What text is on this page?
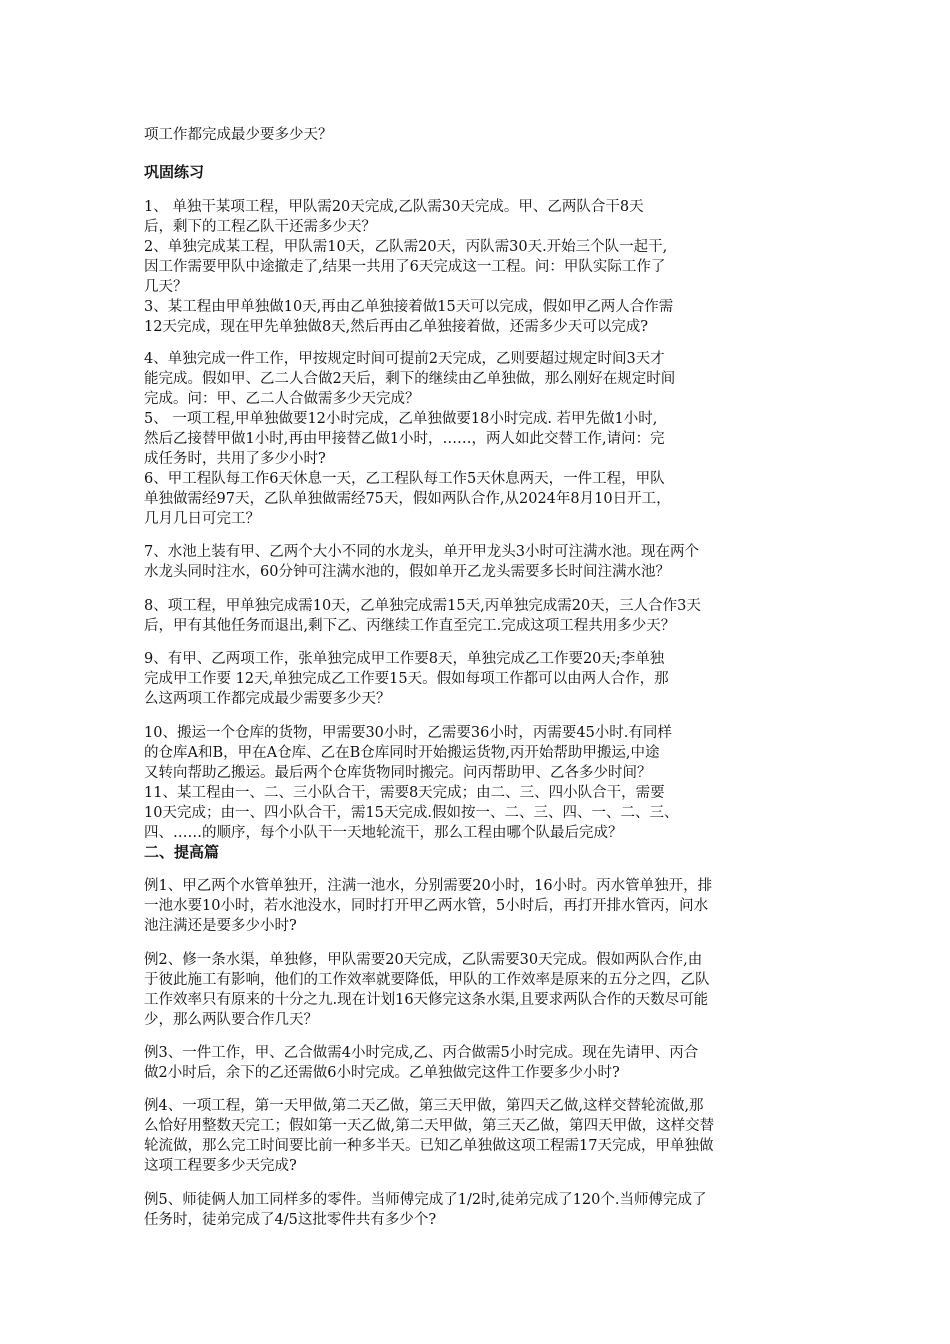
项工作都完成最少要多少天？
巩固练习
1、 单独干某项工程，甲队需20天完成,乙队需30天完成。甲、乙两队合干8天
后，剩下的工程乙队干还需多少天？
2、单独完成某工程，甲队需10天，乙队需20天，丙队需30天.开始三个队一起干,
因工作需要甲队中途撤走了,结果一共用了6天完成这一工程。问：甲队实际工作了
几天？
3、某工程由甲单独做10天,再由乙单独接着做15天可以完成，假如甲乙两人合作需
12天完成，现在甲先单独做8天,然后再由乙单独接着做，还需多少天可以完成?
4、单独完成一件工作，甲按规定时间可提前2天完成，乙则要超过规定时间3天才
能完成。假如甲、乙二人合做2天后，剩下的继续由乙单独做，那么刚好在规定时间
完成。问：甲、乙二人合做需多少天完成？
5、 一项工程,甲单独做要12小时完成，乙单独做要18小时完成. 若甲先做1小时,
然后乙接替甲做1小时,再由甲接替乙做1小时，……，两人如此交替工作,请问：完
成任务时，共用了多少小时?
6、甲工程队每工作6天休息一天，乙工程队每工作5天休息两天，一件工程，甲队
单独做需经97天，乙队单独做需经75天，假如两队合作,从2024年8月10日开工，
几月几日可完工？
7、水池上装有甲、乙两个大小不同的水龙头，单开甲龙头3小时可注满水池。现在两个
水龙头同时注水，60分钟可注满水池的，假如单开乙龙头需要多长时间注满水池？
8、项工程，甲单独完成需10天，乙单独完成需15天,丙单独完成需20天，三人合作3天
后，甲有其他任务而退出,剩下乙、丙继续工作直至完工.完成这项工程共用多少天？
9、有甲、乙两项工作，张单独完成甲工作要8天，单独完成乙工作要20天;李单独
完成甲工作要 12天,单独完成乙工作要15天。假如每项工作都可以由两人合作，那
么这两项工作都完成最少需要多少天？
10、搬运一个仓库的货物，甲需要30小时，乙需要36小时，丙需要45小时.有同样
的仓库A和B，甲在A仓库、乙在B仓库同时开始搬运货物,丙开始帮助甲搬运,中途
又转向帮助乙搬运。最后两个仓库货物同时搬完。问丙帮助甲、乙各多少时间？
11、某工程由一、二、三小队合干，需要8天完成；由二、三、四小队合干，需要
10天完成；由一、四小队合干，需15天完成.假如按一、二、三、四、一、二、三、
四、……的顺序，每个小队干一天地轮流干，那么工程由哪个队最后完成？
二、提高篇
例1、甲乙两个水管单独开，注满一池水，分别需要20小时，16小时。丙水管单独开，排
一池水要10小时，若水池没水，同时打开甲乙两水管，5小时后，再打开排水管丙，问水
池注满还是要多少小时?
例2、修一条水渠，单独修，甲队需要20天完成，乙队需要30天完成。假如两队合作,由
于彼此施工有影响，他们的工作效率就要降低，甲队的工作效率是原来的五分之四，乙队
工作效率只有原来的十分之九.现在计划16天修完这条水渠,且要求两队合作的天数尽可能
少，那么两队要合作几天？
例3、一件工作，甲、乙合做需4小时完成,乙、丙合做需5小时完成。现在先请甲、丙合
做2小时后，余下的乙还需做6小时完成。乙单独做完这件工作要多少小时?
例4、一项工程，第一天甲做,第二天乙做，第三天甲做，第四天乙做,这样交替轮流做,那
么恰好用整数天完工；假如第一天乙做,第二天甲做，第三天乙做，第四天甲做，这样交替
轮流做，那么完工时间要比前一种多半天。已知乙单独做这项工程需17天完成，甲单独做
这项工程要多少天完成?
例5、师徒俩人加工同样多的零件。当师傅完成了1/2时,徒弟完成了120个.当师傅完成了
任务时，徒弟完成了4/5这批零件共有多少个?
